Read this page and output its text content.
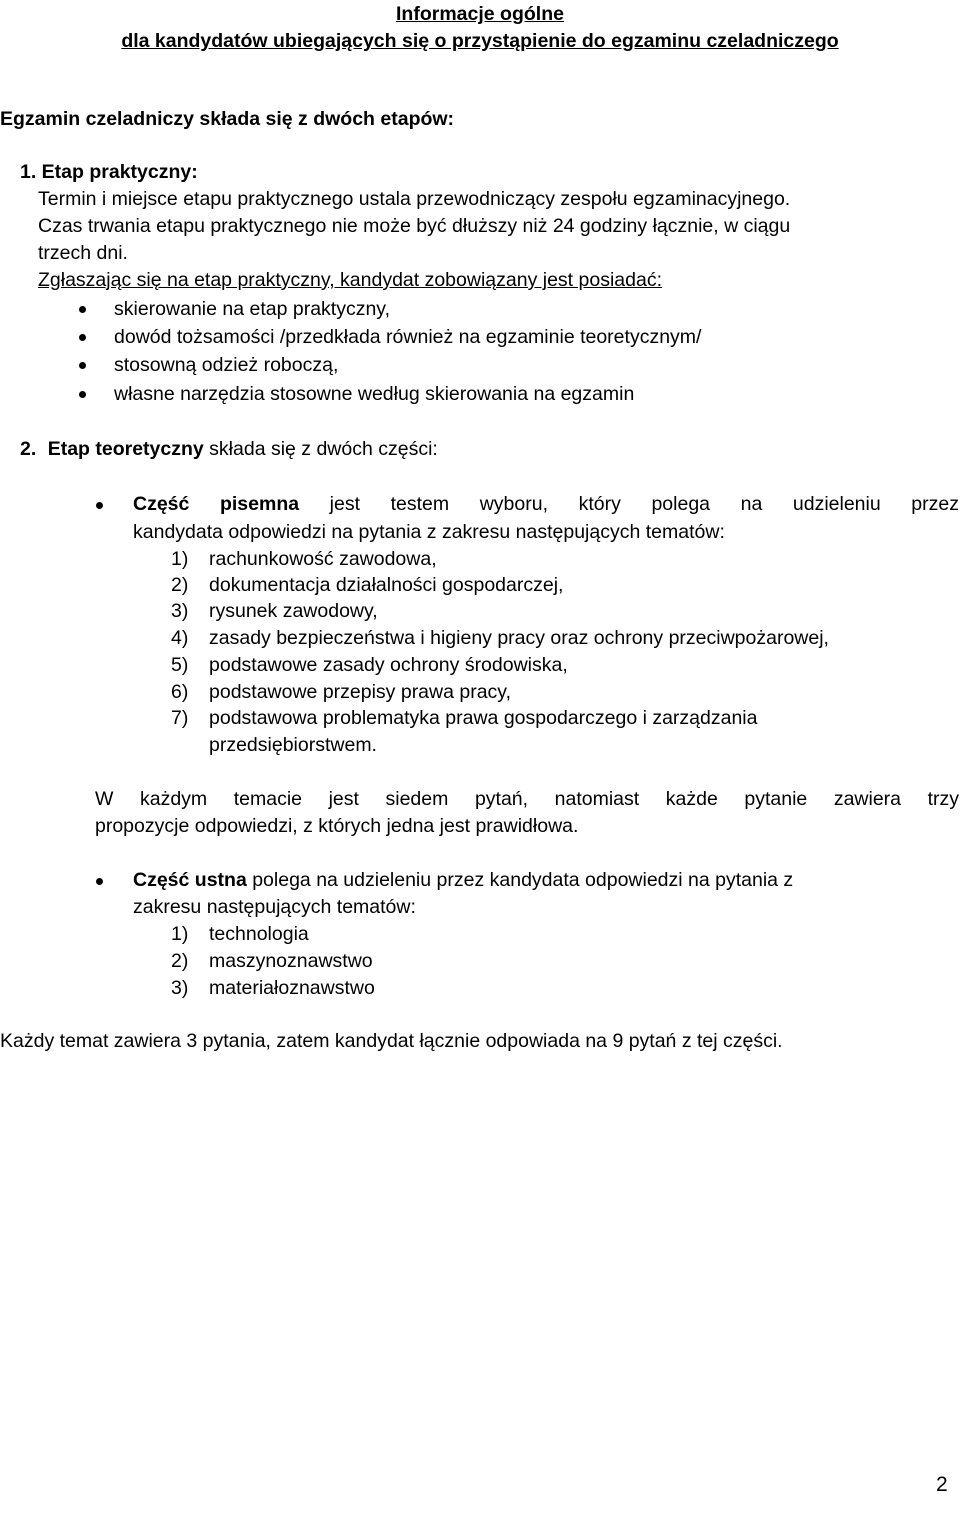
Informacje ogólne
dla kandydatów ubiegających się o przystąpienie do egzaminu czeladniczego
Egzamin czeladniczy składa się z dwóch etapów:
1. Etap praktyczny:
Termin i miejsce etapu praktycznego ustala przewodniczący zespołu egzaminacyjnego.
Czas trwania etapu praktycznego nie może być dłuższy niż 24 godziny łącznie, w ciągu
trzech dni.
Zgłaszając się na etap praktyczny, kandydat zobowiązany jest posiadać:
skierowanie na etap praktyczny,
dowód tożsamości /przedkłada również na egzaminie teoretycznym/
stosowną odzież roboczą,
własne narzędzia stosowne według skierowania na egzamin
2. Etap teoretyczny składa się z dwóch części:
Część pisemna jest testem wyboru, który polega na udzieleniu przez
kandydata odpowiedzi na pytania z zakresu następujących tematów:
1) rachunkowość zawodowa,
2) dokumentacja działalności gospodarczej,
3) rysunek zawodowy,
4) zasady bezpieczeństwa i higieny pracy oraz ochrony przeciwpożarowej,
5) podstawowe zasady ochrony środowiska,
6) podstawowe przepisy prawa pracy,
7) podstawowa problematyka prawa gospodarczego i zarządzania
przedsiębiorstwem.
W każdym temacie jest siedem pytań, natomiast każde pytanie zawiera trzy
propozycje odpowiedzi, z których jedna jest prawidłowa.
Część ustna polega na udzieleniu przez kandydata odpowiedzi na pytania z
zakresu następujących tematów:
1) technologia
2) maszynoznawstwo
3) materiałoznawstwo
Każdy temat zawiera 3 pytania, zatem kandydat łącznie odpowiada na 9 pytań z tej części.
2
